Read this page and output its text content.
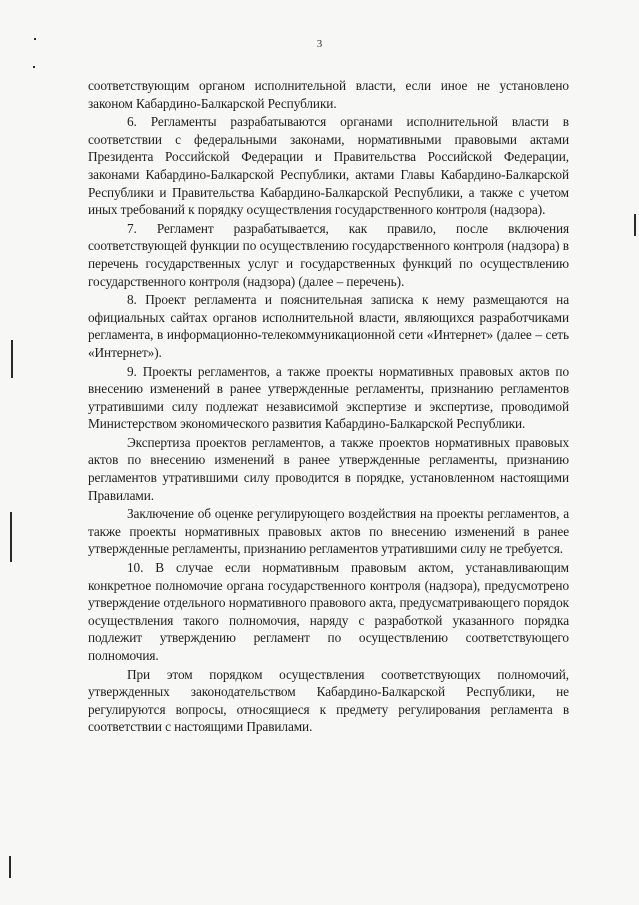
3

соответствующим органом исполнительной власти, если иное не установлено законом Кабардино-Балкарской Республики.

6. Регламенты разрабатываются органами исполнительной власти в соответствии с федеральными законами, нормативными правовыми актами Президента Российской Федерации и Правительства Российской Федерации, законами Кабардино-Балкарской Республики, актами Главы Кабардино-Балкарской Республики и Правительства Кабардино-Балкарской Республики, а также с учетом иных требований к порядку осуществления государственного контроля (надзора).

7. Регламент разрабатывается, как правило, после включения соответствующей функции по осуществлению государственного контроля (надзора) в перечень государственных услуг и государственных функций по осуществлению государственного контроля (надзора) (далее – перечень).

8. Проект регламента и пояснительная записка к нему размещаются на официальных сайтах органов исполнительной власти, являющихся разработчиками регламента, в информационно-телекоммуникационной сети «Интернет» (далее – сеть «Интернет»).

9. Проекты регламентов, а также проекты нормативных правовых актов по внесению изменений в ранее утвержденные регламенты, признанию регламентов утратившими силу подлежат независимой экспертизе и экспертизе, проводимой Министерством экономического развития Кабардино-Балкарской Республики.

Экспертиза проектов регламентов, а также проектов нормативных правовых актов по внесению изменений в ранее утвержденные регламенты, признанию регламентов утратившими силу проводится в порядке, установленном настоящими Правилами.

Заключение об оценке регулирующего воздействия на проекты регламентов, а также проекты нормативных правовых актов по внесению изменений в ранее утвержденные регламенты, признанию регламентов утратившими силу не требуется.

10. В случае если нормативным правовым актом, устанавливающим конкретное полномочие органа государственного контроля (надзора), предусмотрено утверждение отдельного нормативного правового акта, предусматривающего порядок осуществления такого полномочия, наряду с разработкой указанного порядка подлежит утверждению регламент по осуществлению соответствующего полномочия.

При этом порядком осуществления соответствующих полномочий, утвержденных законодательством Кабардино-Балкарской Республики, не регулируются вопросы, относящиеся к предмету регулирования регламента в соответствии с настоящими Правилами.
